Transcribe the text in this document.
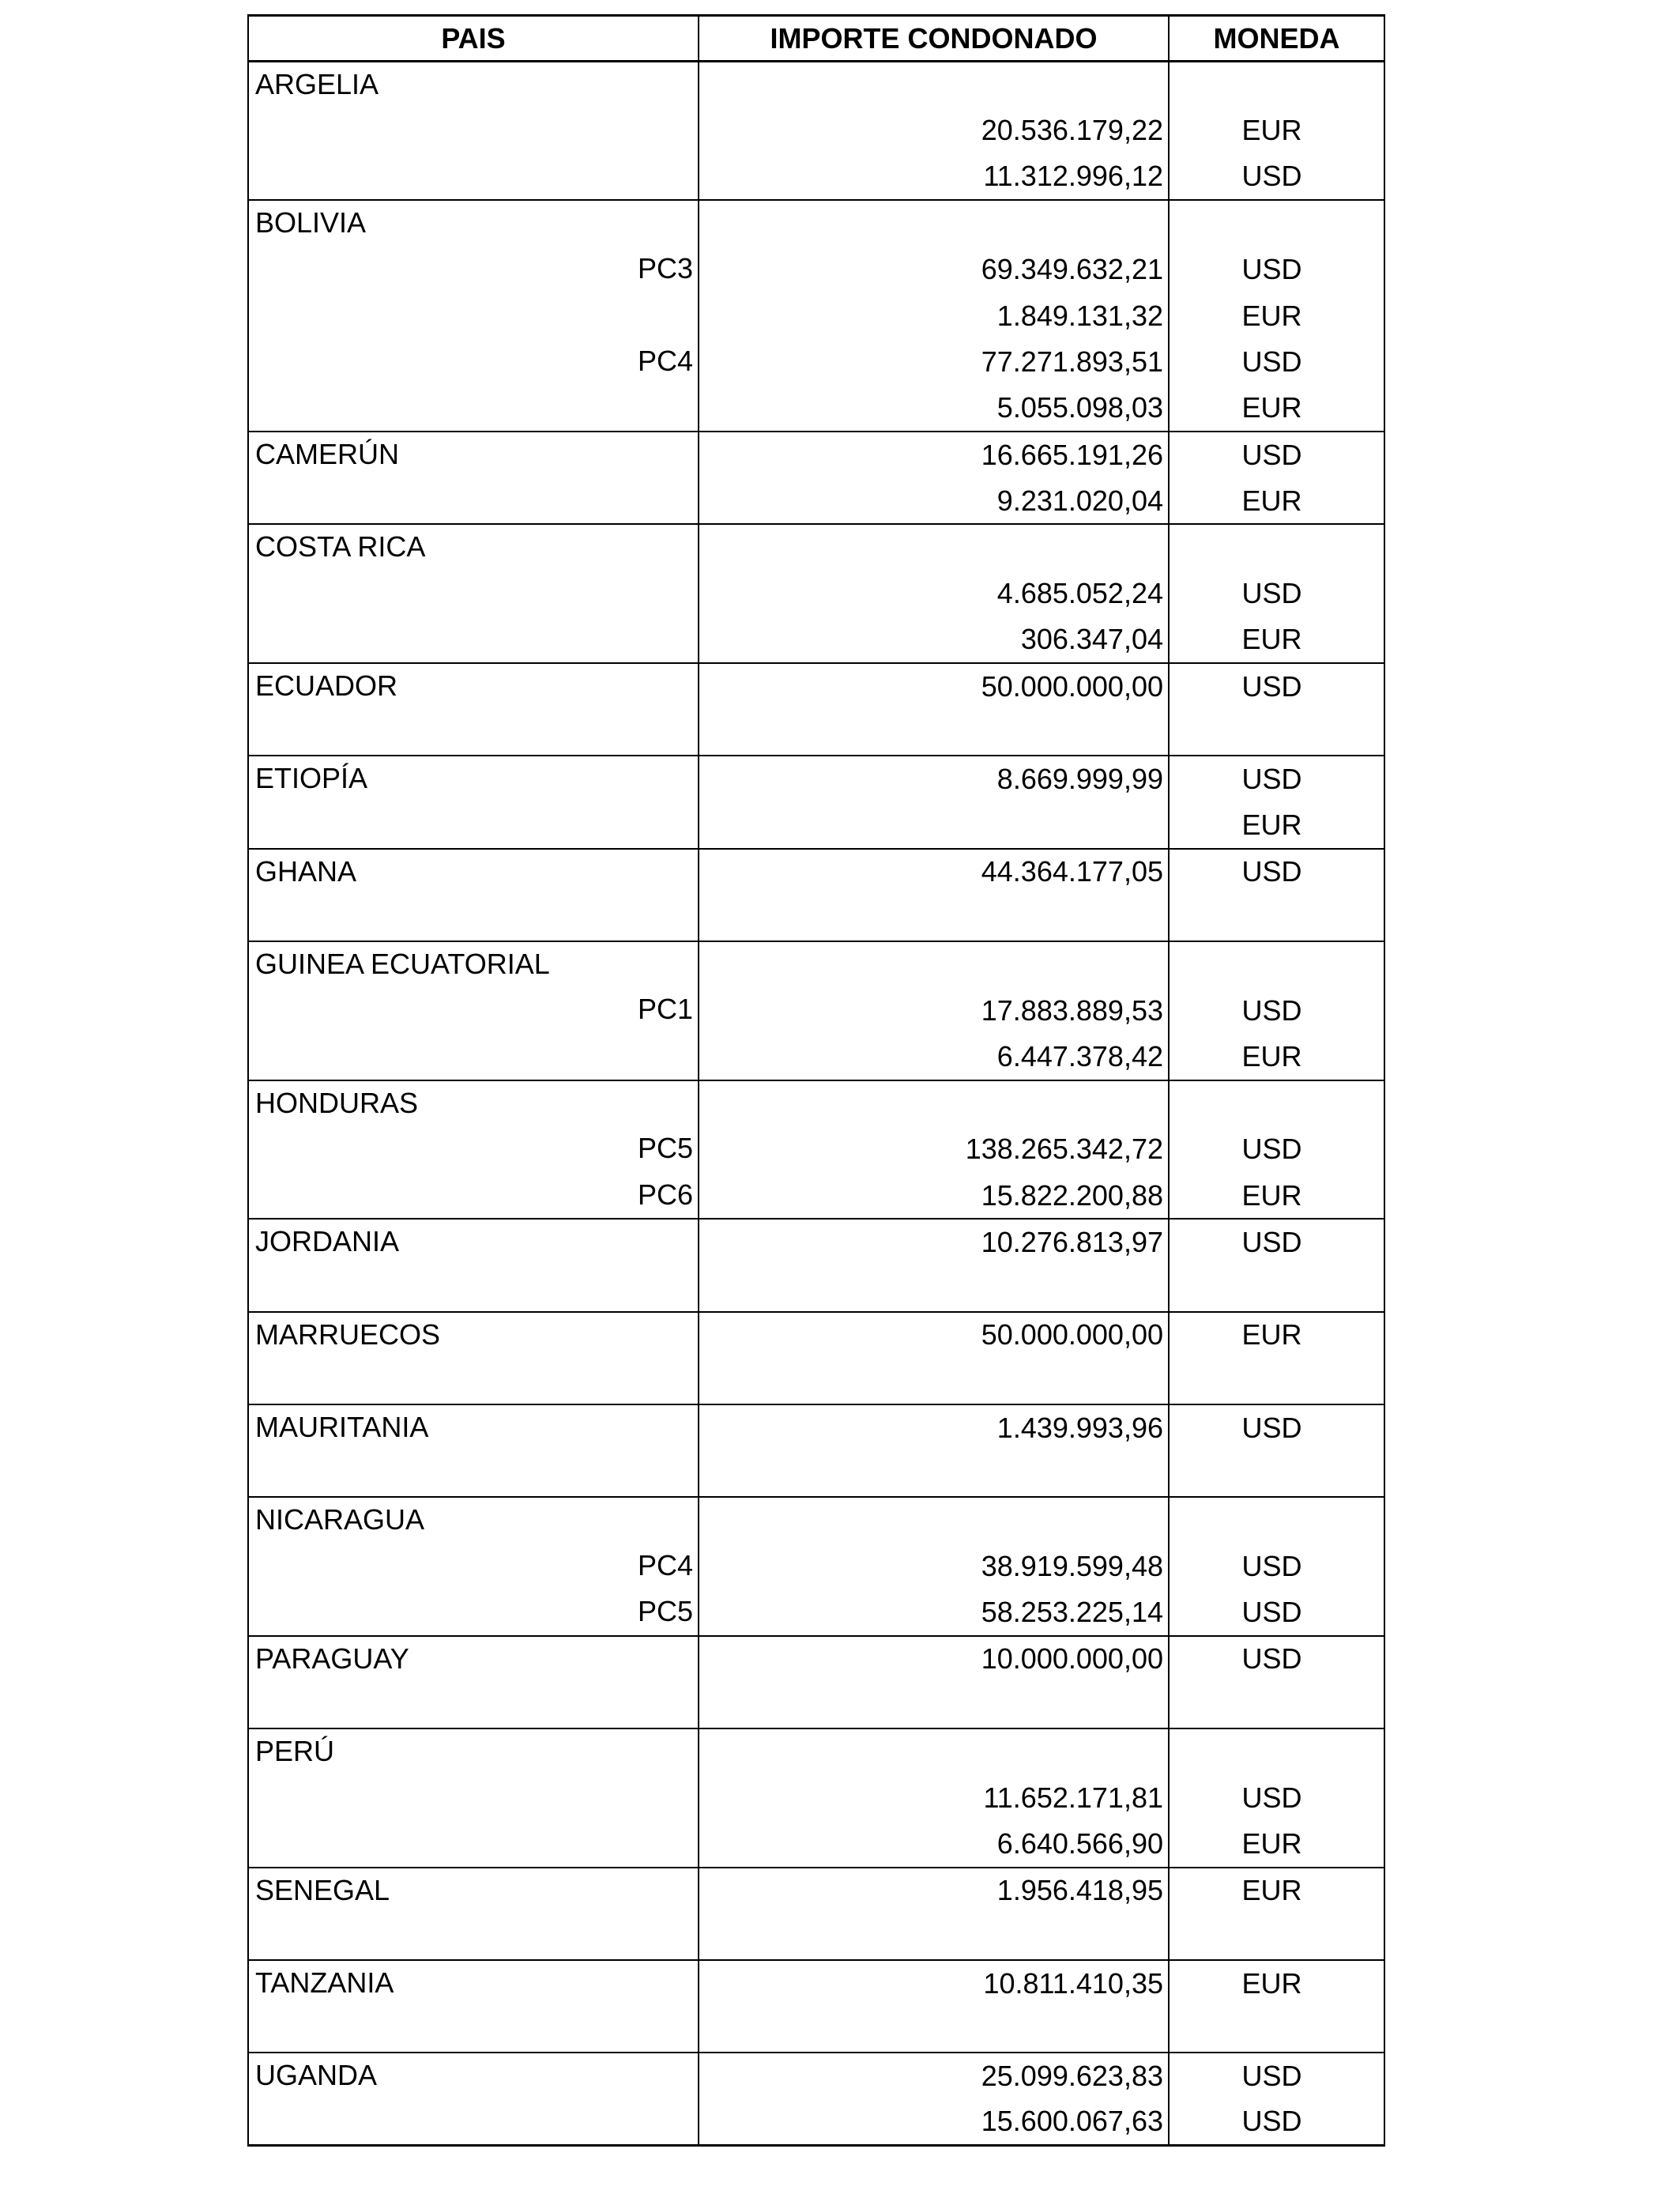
PAIS	IMPORTE CONDONADO	MONEDA

ARGELIA		

	20.536.179,22	EUR
	11.312.996,12	USD

BOLIVIA		

PC3	69.349.632,21	USD
	1.849.131,32	EUR

PC4	77.271.893,51	USD
	5.055.098,03	EUR

CAMERÚN	16.665.191,26	USD
	9.231.020,04	EUR

COSTA RICA		

	4.685.052,24	USD
	306.347,04	EUR

ECUADOR	50.000.000,00	USD

ETIOPÍA	8.669.999,99	USD
		EUR

GHANA	44.364.177,05	USD

GUINEA ECUATORIAL		

PC1	17.883.889,53	USD
	6.447.378,42	EUR

HONDURAS		

PC5	138.265.342,72	USD

PC6	15.822.200,88	EUR

JORDANIA	10.276.813,97	USD

MARRUECOS	50.000.000,00	EUR

MAURITANIA	1.439.993,96	USD

NICARAGUA		

PC4	38.919.599,48	USD

PC5	58.253.225,14	USD

PARAGUAY	10.000.000,00	USD

PERÚ		

	11.652.171,81	USD
	6.640.566,90	EUR

SENEGAL	1.956.418,95	EUR

TANZANIA	10.811.410,35	EUR

UGANDA	25.099.623,83	USD
	15.600.067,63	USD
